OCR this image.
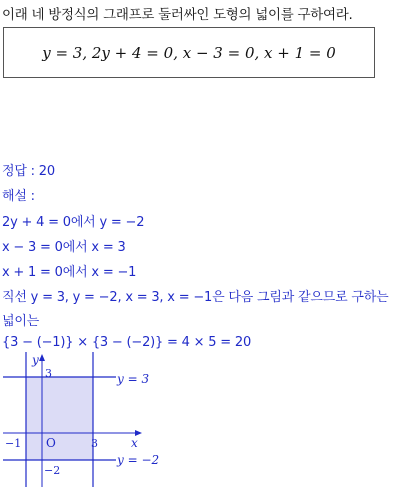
이래 네 방정식의 그래프로 둘러싸인 도형의 넓이를 구하여라.
y = 3, 2y + 4 = 0, x − 3 = 0, x + 1 = 0
정답 : 20
해설 :
2y + 4 = 0에서 y = −2
x − 3 = 0에서 x = 3
x + 1 = 0에서 x = −1
직선 y = 3, y = −2, x = 3, x = −1은 다음 그림과 같으므로 구하는
넓이는
{3 − (−1)} × {3 − (−2)} = 4 × 5 = 20
y
x
O
3
−2
−1	3
y = 3
y = −2
